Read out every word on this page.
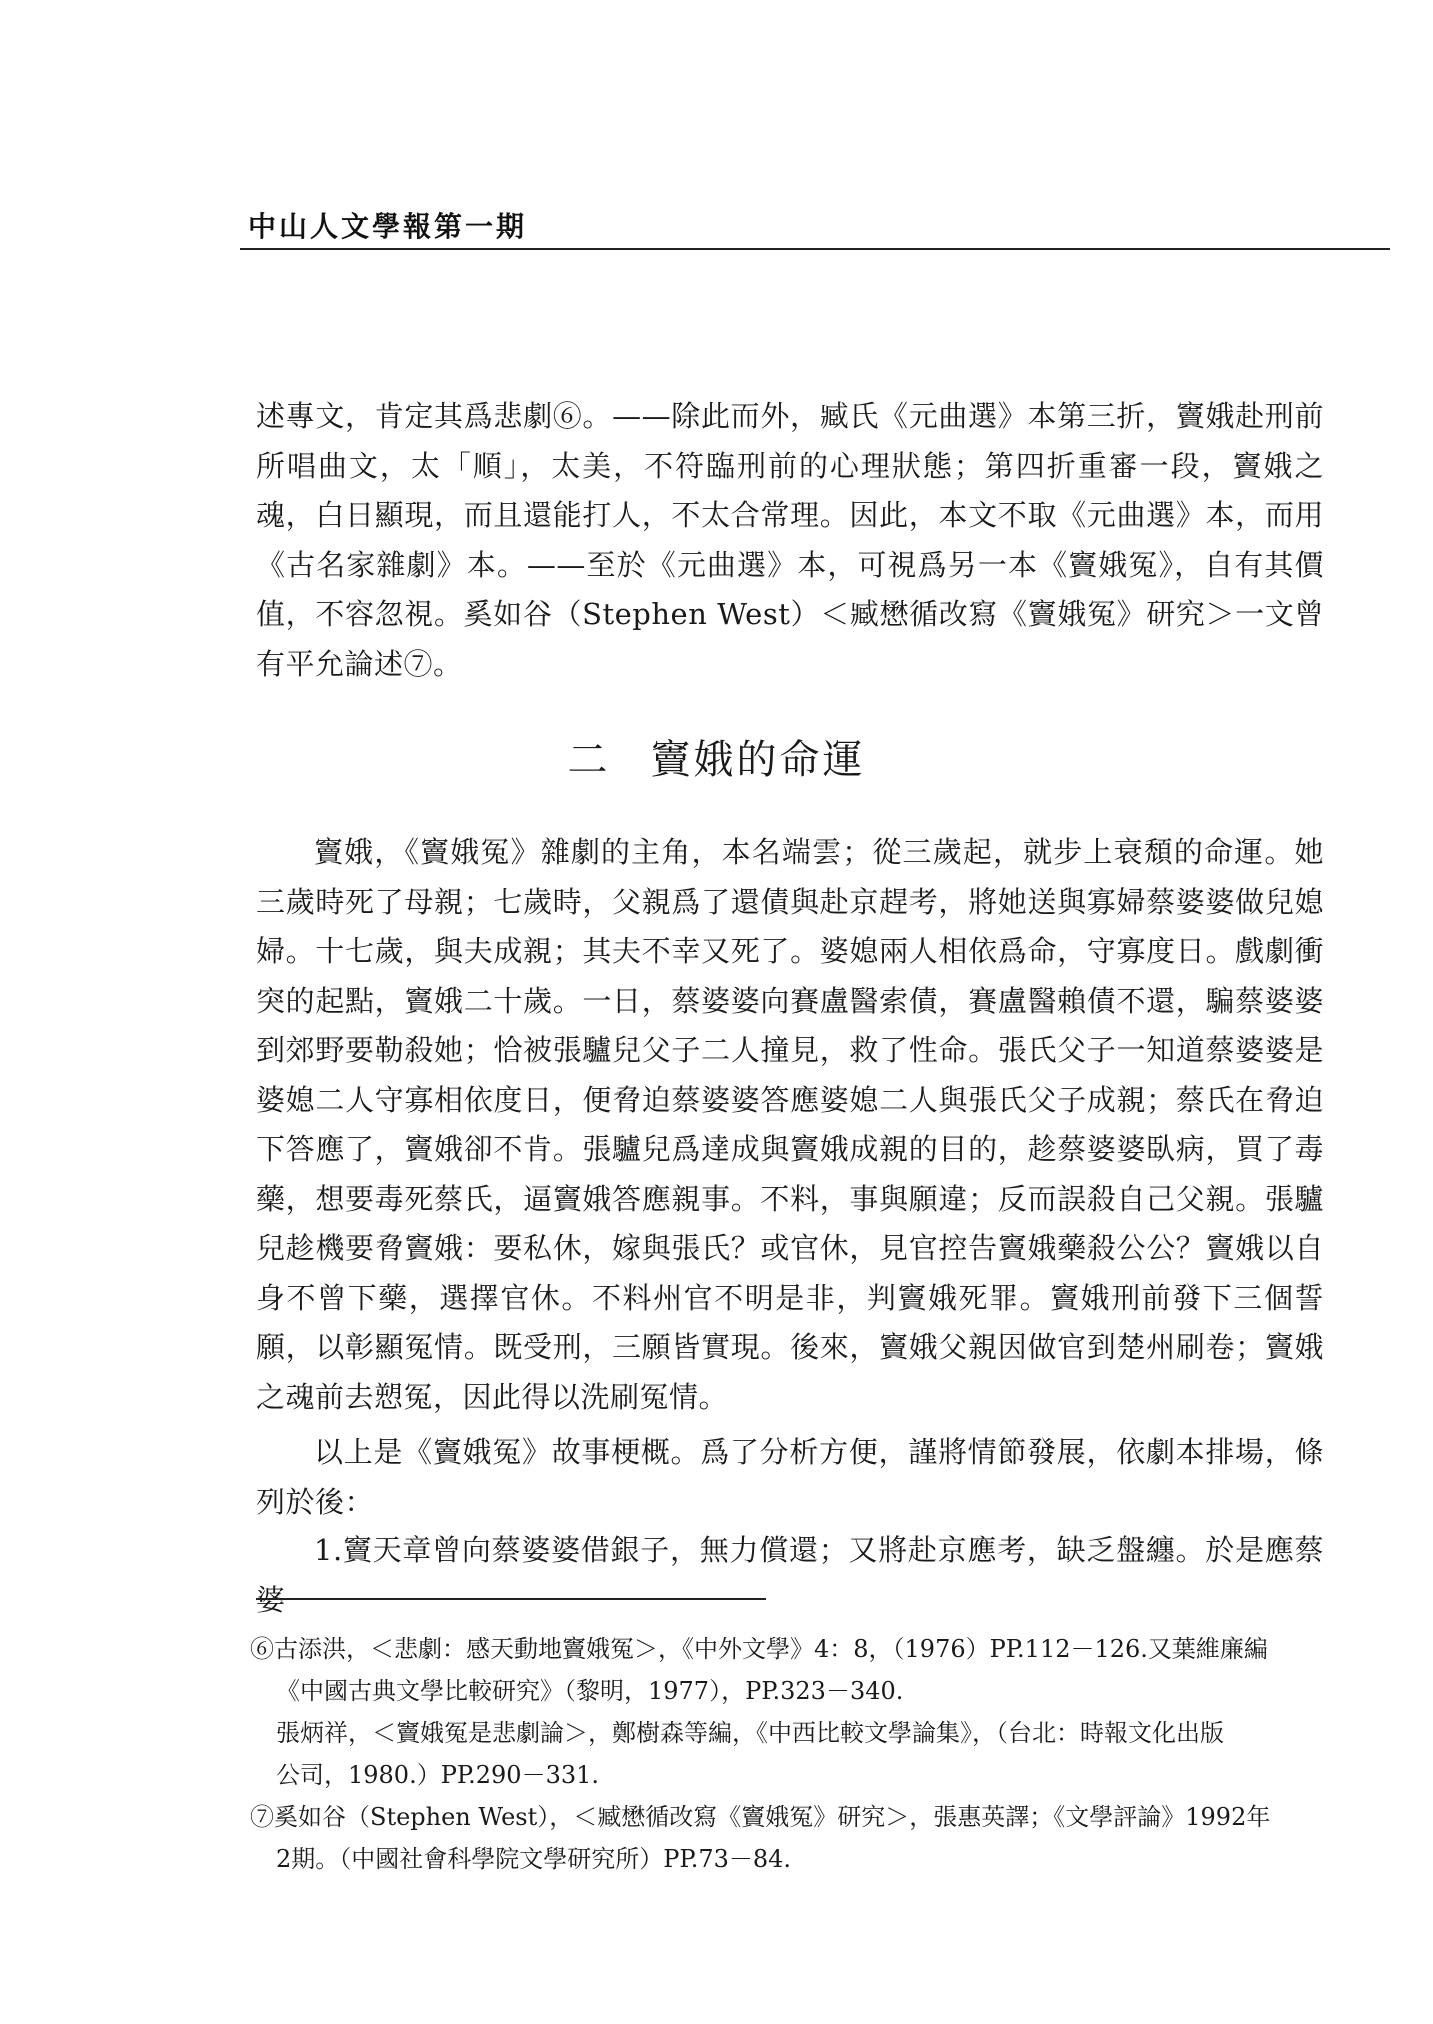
中山人文學報第一期

述專文，肯定其爲悲劇⑥。——除此而外，臧氏《元曲選》本第三折，竇娥赴刑前所唱曲文，太「順」，太美，不符臨刑前的心理狀態；第四折重審一段，竇娥之魂，白日顯現，而且還能打人，不太合常理。因此，本文不取《元曲選》本，而用《古名家雜劇》本。——至於《元曲選》本，可視爲另一本《竇娥冤》，自有其價值，不容忽視。奚如谷（Stephen West）＜臧懋循改寫《竇娥冤》研究＞一文曾有平允論述⑦。

二 竇娥的命運

竇娥，《竇娥冤》雜劇的主角，本名端雲；從三歲起，就步上衰頹的命運。她三歲時死了母親；七歲時，父親爲了還債與赴京趕考，將她送與寡婦蔡婆婆做兒媳婦。十七歲，與夫成親；其夫不幸又死了。婆媳兩人相依爲命，守寡度日。戲劇衝突的起點，竇娥二十歲。一日，蔡婆婆向賽盧醫索債，賽盧醫賴債不還，騙蔡婆婆到郊野要勒殺她；恰被張驢兒父子二人撞見，救了性命。張氏父子一知道蔡婆婆是婆媳二人守寡相依度日，便脅迫蔡婆婆答應婆媳二人與張氏父子成親；蔡氏在脅迫下答應了，竇娥卻不肯。張驢兒爲達成與竇娥成親的目的，趁蔡婆婆臥病，買了毒藥，想要毒死蔡氏，逼竇娥答應親事。不料，事與願違；反而誤殺自己父親。張驢兒趁機要脅竇娥：要私休，嫁與張氏？或官休，見官控告竇娥藥殺公公？竇娥以自身不曾下藥，選擇官休。不料州官不明是非，判竇娥死罪。竇娥刑前發下三個誓願，以彰顯冤情。既受刑，三願皆實現。後來，竇娥父親因做官到楚州刷卷；竇娥之魂前去愬冤，因此得以洗刷冤情。

以上是《竇娥冤》故事梗概。爲了分析方便，謹將情節發展，依劇本排場，條列於後：

1.竇天章曾向蔡婆婆借銀子，無力償還；又將赴京應考，缺乏盤纏。於是應蔡婆

⑥古添洪，＜悲劇：感天動地竇娥冤＞，《中外文學》4：8，（1976）PP.112－126.又葉維廉編
《中國古典文學比較研究》（黎明，1977），PP.323－340.
張炳祥，＜竇娥冤是悲劇論＞，鄭樹森等編，《中西比較文學論集》，（台北：時報文化出版
公司，1980.）PP.290－331.

⑦奚如谷（Stephen West），＜臧懋循改寫《竇娥冤》研究＞，張惠英譯；《文學評論》1992年
2期。（中國社會科學院文學研究所）PP.73－84.
